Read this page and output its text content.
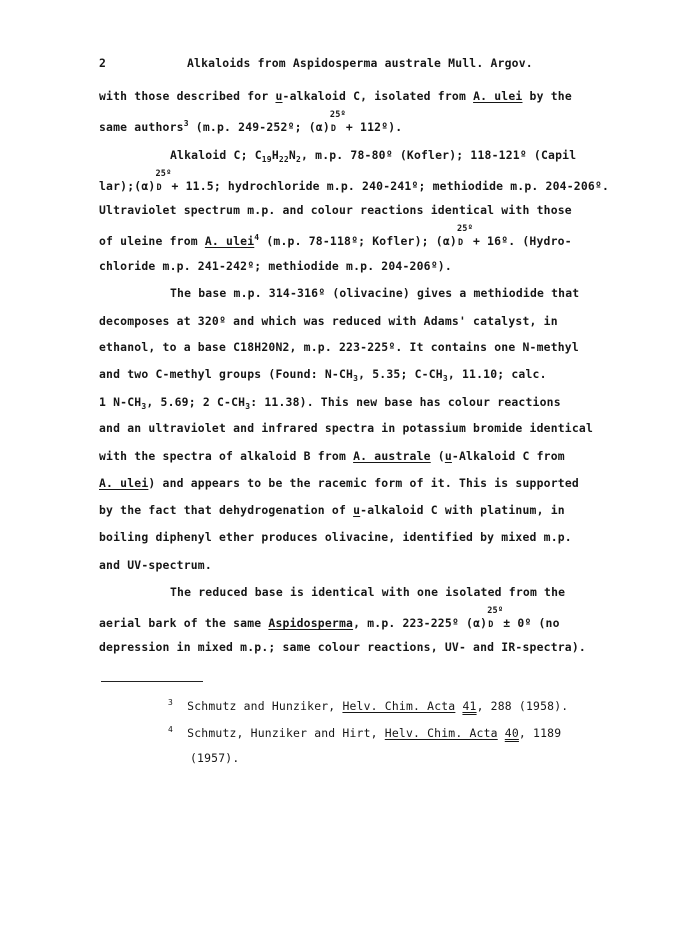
2	Alkaloids from Aspidosperma australe Mull. Argov.
with those described for u-alkaloid C, isolated from A. ulei by the
same authors$^3$ (m.p. 249-252º; (α)
25º
D + 112º).
Alkaloid C; $C_{19}H_{22}N_2$, m.p. 78-80º (Kofler); 118-121º (Capil
lar);(α)
25º
D + 11.5; hydrochloride m.p. 240-241º; methiodide m.p. 204-206º.
Ultraviolet spectrum m.p. and colour reactions identical with those
of uleine from A. ulei$^4$ (m.p. 78-118º; Kofler); (α)
25º
D + 16º. (Hydro-
chloride m.p. 241-242º; methiodide m.p. 204-206º).
The base m.p. 314-316º (olivacine) gives a methiodide that
decomposes at 320º and which was reduced with Adams' catalyst, in
ethanol, to a base C18H20N2, m.p. 223-225º. It contains one N-methyl
and two C-methyl groups (Found: $N-CH_3$, 5.35; $C-CH_3$, 11.10; calc.
1 $N-CH_3$, 5.69; 2 $C-CH_3$: 11.38). This new base has colour reactions
and an ultraviolet and infrared spectra in potassium bromide identical
with the spectra of alkaloid B from A. australe (u-Alkaloid C from
A. ulei) and appears to be the racemic form of it. This is supported
by the fact that dehydrogenation of u-alkaloid C with platinum, in
boiling diphenyl ether produces olivacine, identified by mixed m.p.
and UV-spectrum.
The reduced base is identical with one isolated from the
aerial bark of the same Aspidosperma, m.p. 223-225º (α)
25º
D ± 0º (no
depression in mixed m.p.; same colour reactions, UV- and IR-spectra).
$^3$ Schmutz and Hunziker, Helv. Chim. Acta 41, 288 (1958).
$^4$ Schmutz, Hunziker and Hirt, Helv. Chim. Acta 40, 1189
(1957).
